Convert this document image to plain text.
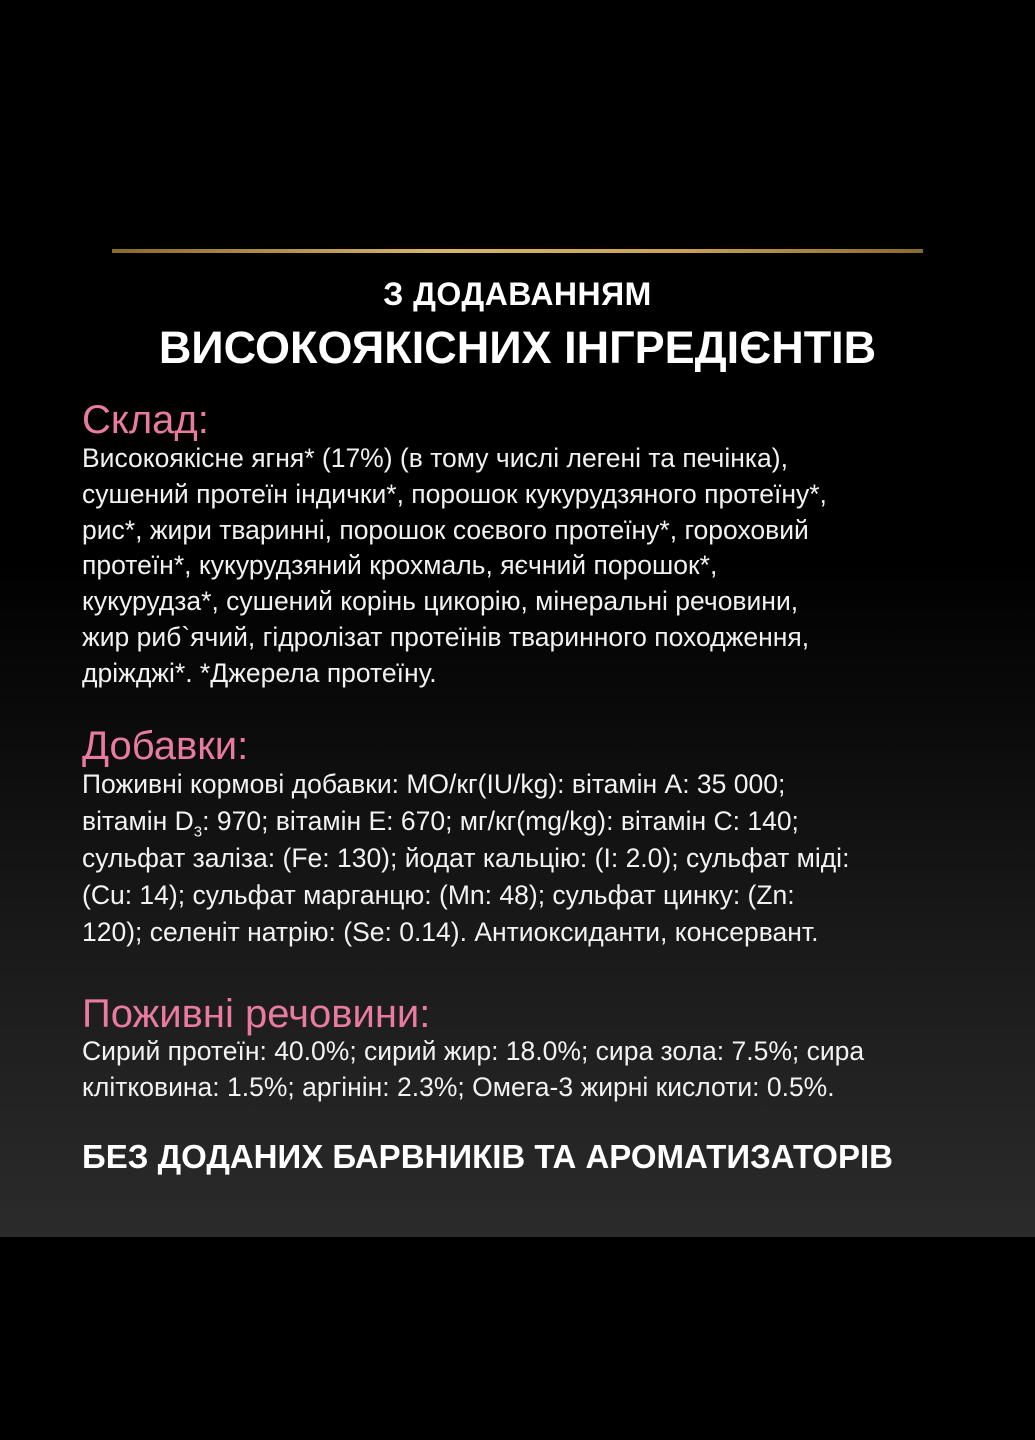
З ДОДАВАННЯМ
ВИСОКОЯКІСНИХ ІНГРЕДІЄНТІВ
Склад:
Високоякісне ягня* (17%) (в тому числі легені та печінка),
сушений протеїн індички*, порошок кукурудзяного протеїну*,
рис*, жири тваринні, порошок соєвого протеїну*, гороховий
протеїн*, кукурудзяний крохмаль, яєчний порошок*,
кукурудза*, сушений корінь цикорію, мінеральні речовини,
жир риб`ячий, гідролізат протеїнів тваринного походження,
дріжджі*. *Джерела протеїну.
Добавки:
Поживні кормові добавки: МО/кг(IU/kg): вітамін А: 35 000;
вітамін $D_3$: 970; вітамін Е: 670; мг/кг(mg/kg): вітамін С: 140;
сульфат заліза: (Fe: 130); йодат кальцію: (I: 2.0); сульфат міді:
(Cu: 14); сульфат марганцю: (Mn: 48); сульфат цинку: (Zn:
120); селеніт натрію: (Se: 0.14). Антиоксиданти, консервант.
Поживні речовини:
Сирий протеїн: 40.0%; сирий жир: 18.0%; сира зола: 7.5%; сира
клітковина: 1.5%; аргінін: 2.3%; Омега-3 жирні кислоти: 0.5%.
БЕЗ ДОДАНИХ БАРВНИКІВ ТА АРОМАТИЗАТОРІВ
